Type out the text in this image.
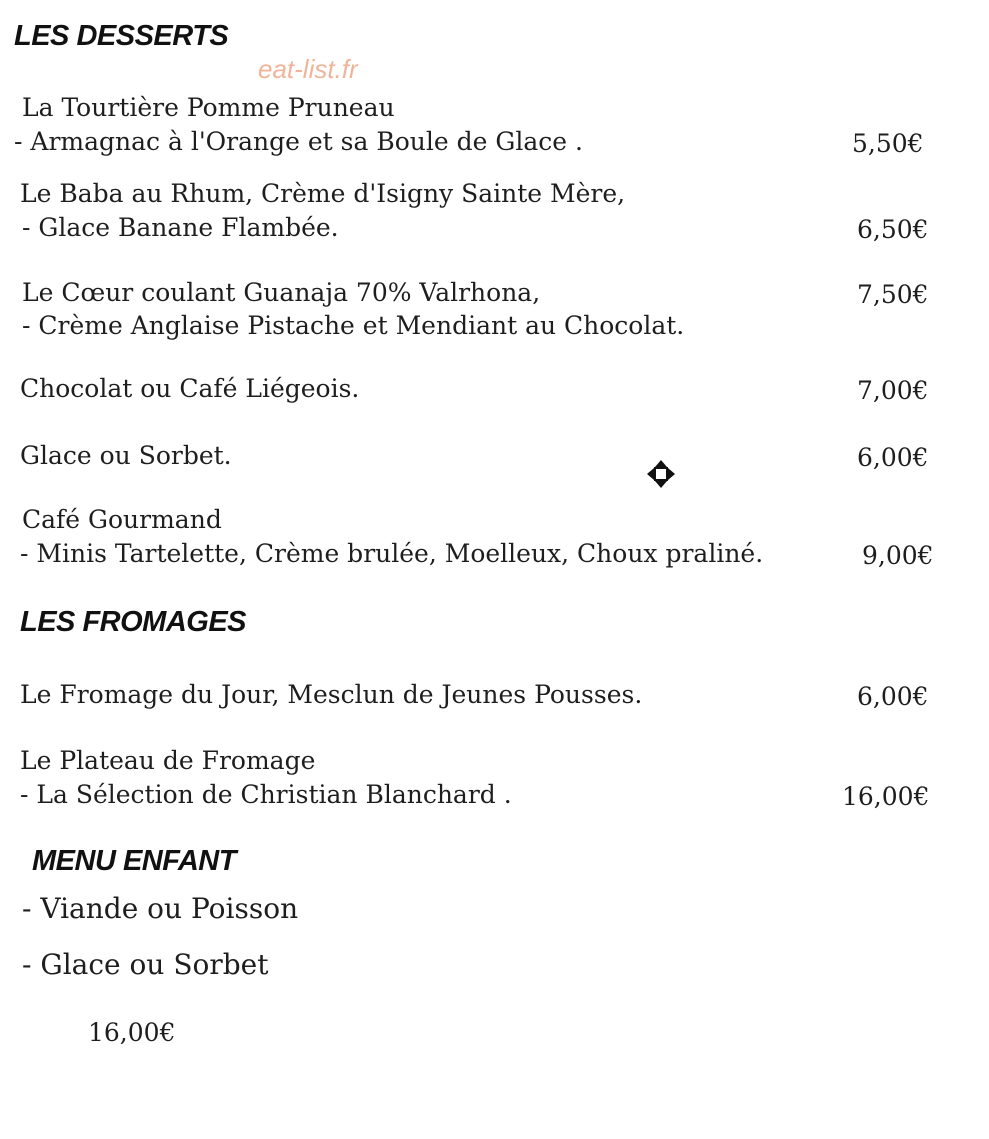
eat-list.fr
LES DESSERTS
La Tourtière Pomme Pruneau
- Armagnac à l'Orange et sa Boule de Glace .	5,50€
Le Baba au Rhum, Crème d'Isigny Sainte Mère,
- Glace Banane Flambée.	6,50€
Le Cœur coulant Guanaja 70% Valrhona,	7,50€
- Crème Anglaise Pistache et Mendiant au Chocolat.
Chocolat ou Café Liégeois.	7,00€
Glace ou Sorbet.	6,00€
Café Gourmand
- Minis Tartelette, Crème brulée, Moelleux, Choux praliné.	9,00€
LES FROMAGES
Le Fromage du Jour, Mesclun de Jeunes Pousses.	6,00€
Le Plateau de Fromage
- La Sélection de Christian Blanchard .	16,00€
MENU ENFANT
- Viande ou Poisson
- Glace ou Sorbet
16,00€
